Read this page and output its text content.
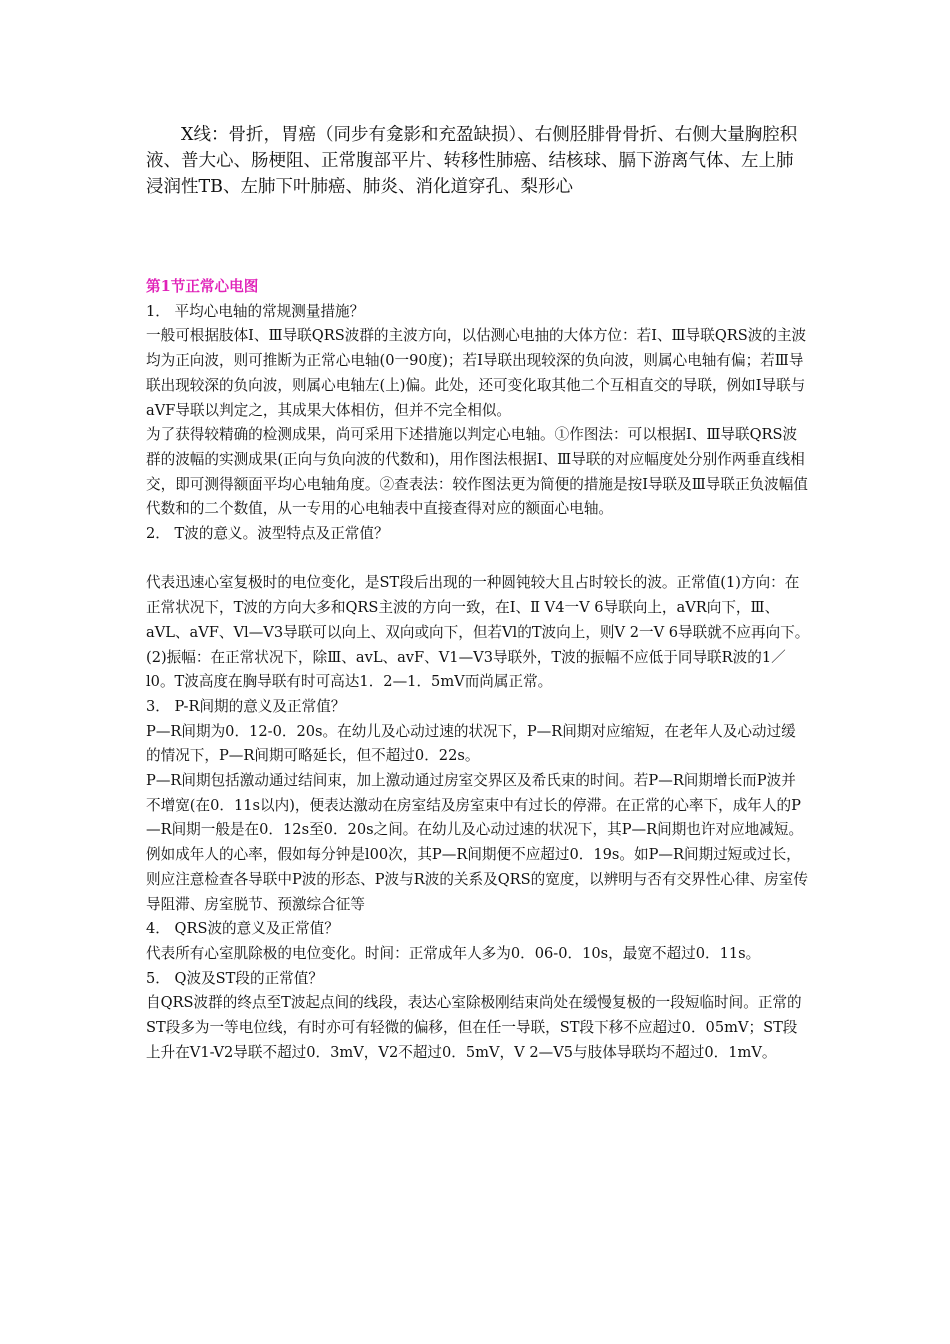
X线：骨折，胃癌（同步有龛影和充盈缺损）、右侧胫腓骨骨折、右侧大量胸腔积液、普大心、肠梗阻、正常腹部平片、转移性肺癌、结核球、膈下游离气体、左上肺浸润性TB、左肺下叶肺癌、肺炎、消化道穿孔、梨形心

第1节正常心电图

1． 平均心电轴的常规测量措施？

一般可根据肢体Ⅰ、Ⅲ导联QRS波群的主波方向，以估测心电抽的大体方位：若I、Ⅲ导联QRS波的主波均为正向波，则可推断为正常心电轴(0一90度)；若I导联出现较深的负向波，则属心电轴有偏；若Ⅲ导联出现较深的负向波，则属心电轴左(上)偏。此处，还可变化取其他二个互相直交的导联，例如I导联与aVF导联以判定之，其成果大体相仿，但并不完全相似。

为了获得较精确的检测成果，尚可采用下述措施以判定心电轴。①作图法：可以根据I、Ⅲ导联QRS波群的波幅的实测成果(正向与负向波的代数和)，用作图法根据I、Ⅲ导联的对应幅度处分别作两垂直线相交，即可测得额面平均心电轴角度。②查表法：较作图法更为简便的措施是按I导联及Ⅲ导联正负波幅值代数和的二个数值，从一专用的心电轴表中直接查得对应的额面心电轴。

2． T波的意义。波型特点及正常值？

代表迅速心室复极时的电位变化，是ST段后出现的一种圆钝较大且占时较长的波。正常值(1)方向：在正常状况下，T波的方向大多和QRS主波的方向一致，在Ⅰ、Ⅱ V4一V 6导联向上，aVR向下，Ⅲ、aVL、aVF、Vl—V3导联可以向上、双向或向下，但若Vl的T波向上，则V 2一V 6导联就不应再向下。 (2)振幅：在正常状况下，除Ⅲ、avL、avF、V1—V3导联外，T波的振幅不应低于同导联R波的1／l0。T波高度在胸导联有时可高达1．2—1．5mV而尚属正常。

3． P-R间期的意义及正常值？

P—R间期为0．12-0．20s。在幼儿及心动过速的状况下，P—R间期对应缩短，在老年人及心动过缓的情况下，P—R间期可略延长，但不超过0．22s。

P—R间期包括激动通过结间束，加上激动通过房室交界区及希氏束的时间。若P—R间期增长而P波并不增宽(在0．11s以内)，便表达激动在房室结及房室束中有过长的停滞。在正常的心率下，成年人的P—R间期一般是在0．12s至0．20s之间。在幼儿及心动过速的状况下，其P—R间期也许对应地减短。例如成年人的心率，假如每分钟是l00次，其P—R间期便不应超过0．19s。如P—R间期过短或过长，则应注意检查各导联中P波的形态、P波与R波的关系及QRS的宽度，以辨明与否有交界性心律、房室传导阻滞、房室脱节、预激综合征等

4． QRS波的意义及正常值？

代表所有心室肌除极的电位变化。时间：正常成年人多为0．06-0．10s，最宽不超过0．11s。

5． Q波及ST段的正常值？

自QRS波群的终点至T波起点间的线段，表达心室除极刚结束尚处在缓慢复极的一段短临时间。正常的ST段多为一等电位线，有时亦可有轻微的偏移，但在任一导联，ST段下移不应超过0．05mV；ST段上升在V1-V2导联不超过0．3mV，V2不超过0．5mV，V 2—V5与肢体导联均不超过0．1mV。
